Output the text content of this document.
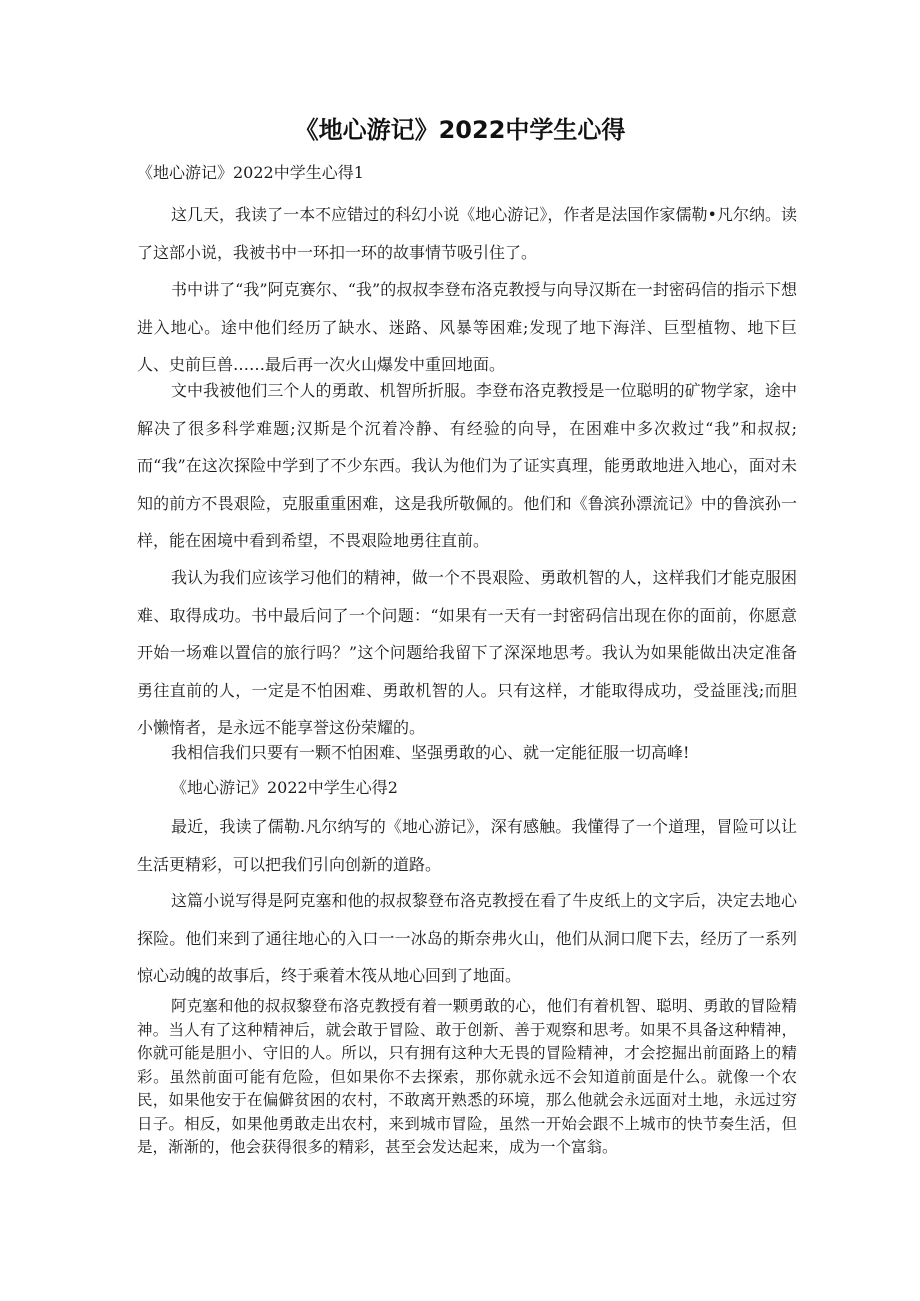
《地心游记》2022中学生心得
《地心游记》2022中学生心得1

这几天，我读了一本不应错过的科幻小说《地心游记》，作者是法国作家儒勒•凡尔纳。读了这部小说，我被书中一环扣一环的故事情节吸引住了。

书中讲了“我”阿克赛尔、“我”的叔叔李登布洛克教授与向导汉斯在一封密码信的指示下想进入地心。途中他们经历了缺水、迷路、风暴等困难;发现了地下海洋、巨型植物、地下巨人、史前巨兽……最后再一次火山爆发中重回地面。

文中我被他们三个人的勇敢、机智所折服。李登布洛克教授是一位聪明的矿物学家，途中解决了很多科学难题;汉斯是个沉着冷静、有经验的向导，在困难中多次救过“我”和叔叔;而“我”在这次探险中学到了不少东西。我认为他们为了证实真理，能勇敢地进入地心，面对未知的前方不畏艰险，克服重重困难，这是我所敬佩的。他们和《鲁滨孙漂流记》中的鲁滨孙一样，能在困境中看到希望，不畏艰险地勇往直前。

我认为我们应该学习他们的精神，做一个不畏艰险、勇敢机智的人，这样我们才能克服困难、取得成功。书中最后问了一个问题：“如果有一天有一封密码信出现在你的面前，你愿意开始一场难以置信的旅行吗？”这个问题给我留下了深深地思考。我认为如果能做出决定准备勇往直前的人，一定是不怕困难、勇敢机智的人。只有这样，才能取得成功，受益匪浅;而胆小懒惰者，是永远不能享誉这份荣耀的。

我相信我们只要有一颗不怕困难、坚强勇敢的心、就一定能征服一切高峰!

《地心游记》2022中学生心得2

最近，我读了儒勒.凡尔纳写的《地心游记》，深有感触。我懂得了一个道理，冒险可以让生活更精彩，可以把我们引向创新的道路。

这篇小说写得是阿克塞和他的叔叔黎登布洛克教授在看了牛皮纸上的文字后，决定去地心探险。他们来到了通往地心的入口一一冰岛的斯奈弗火山，他们从洞口爬下去，经历了一系列惊心动魄的故事后，终于乘着木筏从地心回到了地面。

阿克塞和他的叔叔黎登布洛克教授有着一颗勇敢的心，他们有着机智、聪明、勇敢的冒险精神。当人有了这种精神后，就会敢于冒险、敢于创新、善于观察和思考。如果不具备这种精神，你就可能是胆小、守旧的人。所以，只有拥有这种大无畏的冒险精神，才会挖掘出前面路上的精彩。虽然前面可能有危险，但如果你不去探索，那你就永远不会知道前面是什么。就像一个农民，如果他安于在偏僻贫困的农村，不敢离开熟悉的环境，那么他就会永远面对土地，永远过穷日子。相反，如果他勇敢走出农村，来到城市冒险，虽然一开始会跟不上城市的快节奏生活，但是，渐渐的，他会获得很多的精彩，甚至会发达起来，成为一个富翁。
